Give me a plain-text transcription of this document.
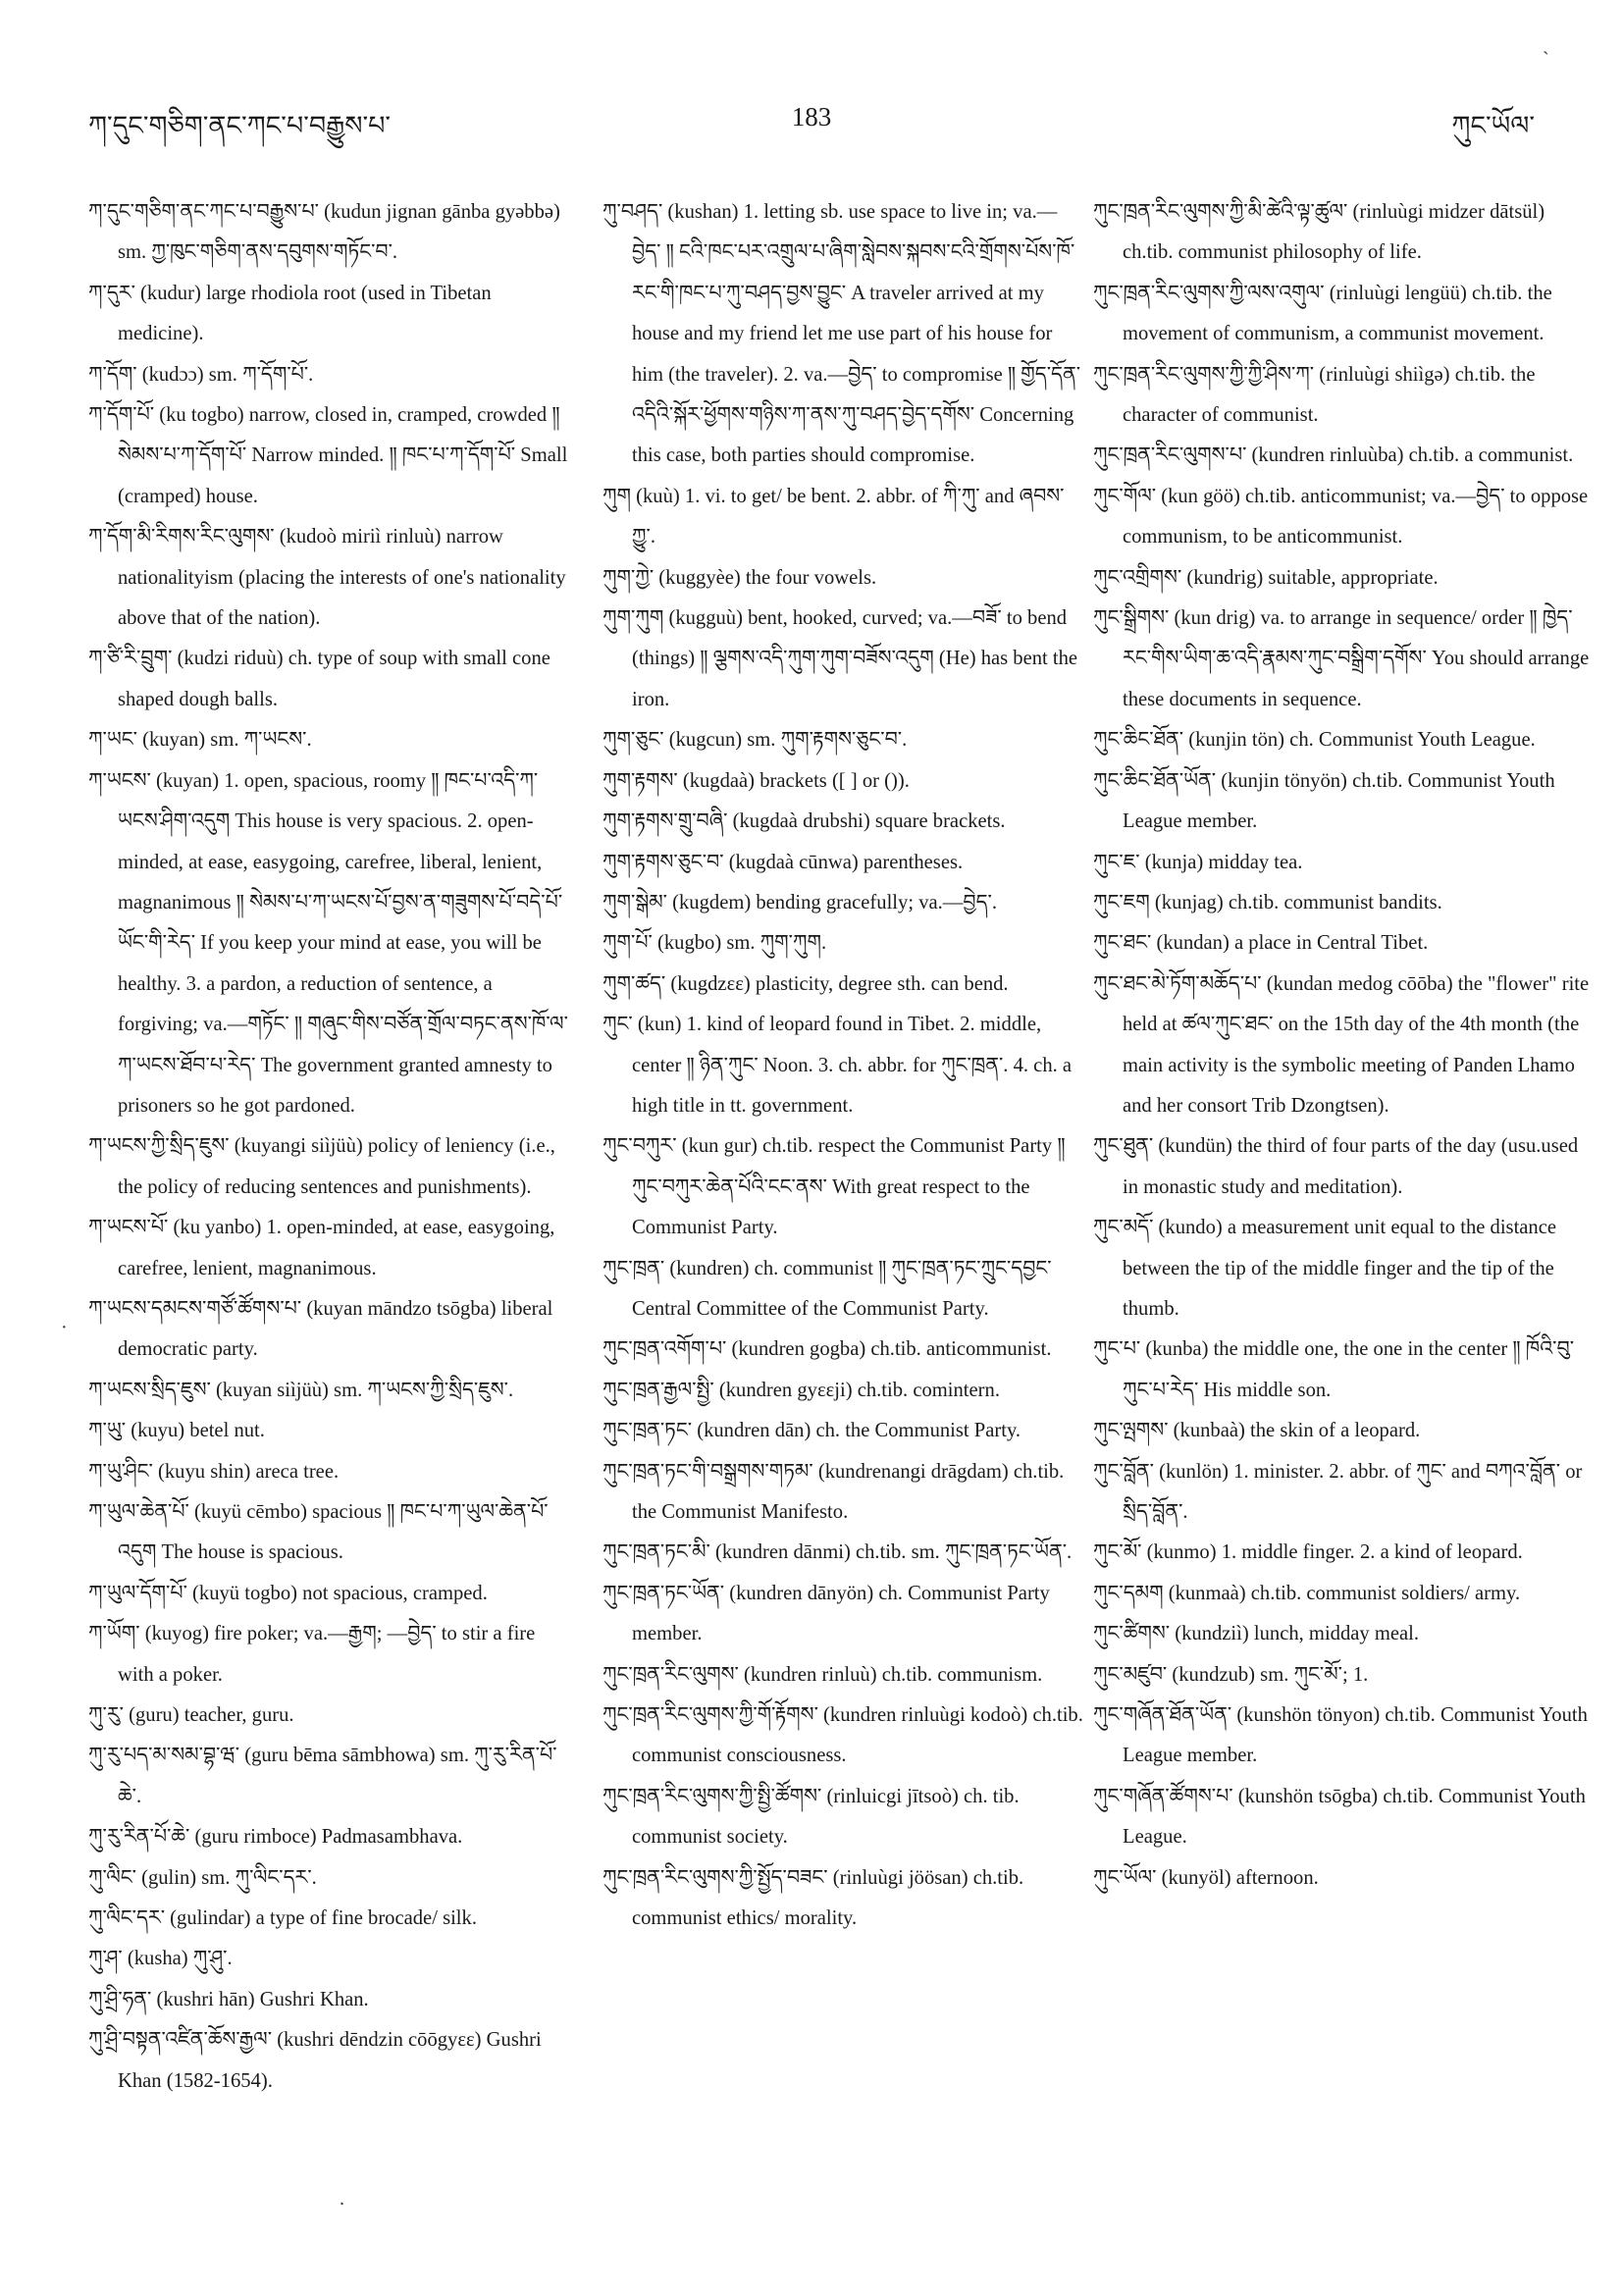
ཀ་དུང་གཅིག་ནང་ཀང་པ་བརྒྱུས་པ་	183	ཀུང་ཡོལ་
ˏ
·
.

ཀ་དུང་གཅིག་ནང་ཀང་པ་བརྒྱུས་པ་ (kudun jignan gānba gyəbbə) sm. ཀྱ་ཁུང་གཅིག་ནས་དབུགས་གཏོང་བ་.

ཀ་དུར་ (kudur) large rhodiola root (used in Tibetan medicine).

ཀ་དོག་ (kudɔɔ) sm. ཀ་དོག་པོ་.

ཀ་དོག་པོ་ (ku togbo) narrow, closed in, cramped, crowded ༎ སེམས་པ་ཀ་དོག་པོ་ Narrow minded. ༎ ཁང་པ་ཀ་དོག་པོ་ Small (cramped) house.

ཀ་དོག་མི་རིགས་རིང་ལུགས་ (kudoò miriì rinluù) narrow nationalityism (placing the interests of one's nationality above that of the nation).

ཀ་ཙི་རི་བྲུག་ (kudzi riduù) ch. type of soup with small cone shaped dough balls.

ཀ་ཡང་ (kuyan) sm. ཀ་ཡངས་.

ཀ་ཡངས་ (kuyan) 1. open, spacious, roomy ༎ ཁང་པ་འདི་ཀ་ཡངས་ཤིག་འདུག This house is very spacious. 2. open-minded, at ease, easygoing, carefree, liberal, lenient, magnanimous ༎ སེམས་པ་ཀ་ཡངས་པོ་བྱས་ན་གཟུགས་པོ་བདེ་པོ་ཡོང་གི་རེད་ If you keep your mind at ease, you will be healthy. 3. a pardon, a reduction of sentence, a forgiving; va.—གཏོང་ ༎ གཞུང་གིས་བཙོན་གྲོལ་བཏང་ནས་ཁོ་ལ་ཀ་ཡངས་ཐོབ་པ་རེད་ The government granted amnesty to prisoners so he got pardoned.

ཀ་ཡངས་ཀྱི་སྲིད་ཇུས་ (kuyangi siìjüù) policy of leniency (i.e., the policy of reducing sentences and punishments).

ཀ་ཡངས་པོ་ (ku yanbo) 1. open-minded, at ease, easygoing, carefree, lenient, magnanimous.

ཀ་ཡངས་དམངས་གཙོ་ཚོགས་པ་ (kuyan māndzo tsōgba) liberal democratic party.

ཀ་ཡངས་སྲིད་ཇུས་ (kuyan siìjüù) sm. ཀ་ཡངས་ཀྱི་སྲིད་ཇུས་.

ཀ་ཡུ་ (kuyu) betel nut.

ཀ་ཡུ་ཤིང་ (kuyu shin) areca tree.

ཀ་ཡུལ་ཆེན་པོ་ (kuyü cēmbo) spacious ༎ ཁང་པ་ཀ་ཡུལ་ཆེན་པོ་འདུག The house is spacious.

ཀ་ཡུལ་དོག་པོ་ (kuyü togbo) not spacious, cramped.

ཀ་ཡོག་ (kuyog) fire poker; va.—རྒྱག; —བྱེད་ to stir a fire with a poker.

ཀུ་རུ་ (guru) teacher, guru.

ཀུ་རུ་པད་མ་སམ་བྷ་ཝ་ (guru bēma sāmbhowa) sm. ཀུ་རུ་རིན་པོ་ཆེ་.

ཀུ་རུ་རིན་པོ་ཆེ་ (guru rimboce) Padmasambhava.

ཀུ་ལིང་ (gulin) sm. ཀུ་ལིང་དར་.

ཀུ་ལིང་དར་ (gulindar) a type of fine brocade/ silk.

ཀུ་ཤ་ (kusha) ཀུ་ཤུ་.

ཀུ་ཤྲི་ཧན་ (kushri hān) Gushri Khan.

ཀུ་ཤྲི་བསྟན་འཛིན་ཆོས་རྒྱལ་ (kushri dēndzin cōōgyɛɛ) Gushri Khan (1582-1654).

ཀུ་བཤད་ (kushan) 1. letting sb. use space to live in; va.—བྱེད་ ༎ ངའི་ཁང་པར་འགྲུལ་པ་ཞིག་སླེབས་སྐབས་ངའི་གྲོགས་པོས་ཁོ་རང་གི་ཁང་པ་ཀུ་བཤད་བྱས་བྱུང་ A traveler arrived at my house and my friend let me use part of his house for him (the traveler). 2. va.—བྱེད་ to compromise ༎ གྱོད་དོན་འདིའི་སྐོར་ཕྱོགས་གཉིས་ཀ་ནས་ཀུ་བཤད་བྱེད་དགོས་ Concerning this case, both parties should compromise.

ཀུག (kuù) 1. vi. to get/ be bent. 2. abbr. of ཀི་ཀུ་ and ཞབས་ཀྱུ་.

ཀུག་ཀྱེ་ (kuggyèe) the four vowels.

ཀུག་ཀུག (kugguù) bent, hooked, curved; va.—བཟོ་ to bend (things) ༎ ལྕགས་འདི་ཀུག་ཀུག་བཟོས་འདུག (He) has bent the iron.

ཀུག་ཅུང་ (kugcun) sm. ཀུག་རྟགས་ཅུང་བ་.

ཀུག་རྟགས་ (kugdaà) brackets ([ ] or ()).

ཀུག་རྟགས་གྲུ་བཞི་ (kugdaà drubshi) square brackets.

ཀུག་རྟགས་ཅུང་བ་ (kugdaà cūnwa) parentheses.

ཀུག་སྒེམ་ (kugdem) bending gracefully; va.—བྱེད་.

ཀུག་པོ་ (kugbo) sm. ཀུག་ཀུག.

ཀུག་ཚད་ (kugdzɛɛ) plasticity, degree sth. can bend.

ཀུང་ (kun) 1. kind of leopard found in Tibet. 2. middle, center ༎ ཉིན་ཀུང་ Noon. 3. ch. abbr. for ཀུང་ཁྲན་. 4. ch. a high title in tt. government.

ཀུང་བཀུར་ (kun gur) ch.tib. respect the Communist Party ༎ ཀུང་བཀུར་ཆེན་པོའི་ངང་ནས་ With great respect to the Communist Party.

ཀུང་ཁྲན་ (kundren) ch. communist ༎ ཀུང་ཁྲན་ཏང་ཀྲུང་དབྱང་ Central Committee of the Communist Party.

ཀུང་ཁྲན་འགོག་པ་ (kundren gogba) ch.tib. anticommunist.

ཀུང་ཁྲན་རྒྱལ་སྤྱི་ (kundren gyɛɛji) ch.tib. comintern.

ཀུང་ཁྲན་ཏང་ (kundren dān) ch. the Communist Party.

ཀུང་ཁྲན་ཏང་གི་བསྒྲགས་གཏམ་ (kundrenangi drāgdam) ch.tib. the Communist Manifesto.

ཀུང་ཁྲན་ཏང་མི་ (kundren dānmi) ch.tib. sm. ཀུང་ཁྲན་ཏང་ཡོན་.

ཀུང་ཁྲན་ཏང་ཡོན་ (kundren dānyön) ch. Communist Party member.

ཀུང་ཁྲན་རིང་ལུགས་ (kundren rinluù) ch.tib. communism.

ཀུང་ཁྲན་རིང་ལུགས་ཀྱི་གོ་རྟོགས་ (kundren rinluùgi kodoò) ch.tib. communist consciousness.

ཀུང་ཁྲན་རིང་ལུགས་ཀྱི་སྤྱི་ཚོགས་ (rinluicgi jītsoò) ch. tib. communist society.

ཀུང་ཁྲན་རིང་ལུགས་ཀྱི་སྤྱོད་བཟང་ (rinluùgi jöösan) ch.tib. communist ethics/ morality.

ཀུང་ཁྲན་རིང་ལུགས་ཀྱི་མི་ཚེའི་ལྟ་ཚུལ་ (rinluùgi midzer dātsül) ch.tib. communist philosophy of life.

ཀུང་ཁྲན་རིང་ལུགས་ཀྱི་ལས་འགུལ་ (rinluùgi lengüü) ch.tib. the movement of communism, a communist movement.

ཀུང་ཁྲན་རིང་ལུགས་ཀྱི་ཀྱི་ཤིས་ཀ་ (rinluùgi shiìgə) ch.tib. the character of communist.

ཀུང་ཁྲན་རིང་ལུགས་པ་ (kundren rinluùba) ch.tib. a communist.

ཀུང་གོལ་ (kun göö) ch.tib. anticommunist; va.—བྱེད་ to oppose communism, to be anticommunist.

ཀུང་འགྲིགས་ (kundrig) suitable, appropriate.

ཀུང་སྒྲིགས་ (kun drig) va. to arrange in sequence/ order ༎ ཁྱེད་རང་གིས་ཡིག་ཆ་འདི་རྣམས་ཀུང་བསྒྲིག་དགོས་ You should arrange these documents in sequence.

ཀུང་ཆིང་ཐོན་ (kunjin tön) ch. Communist Youth League.

ཀུང་ཆིང་ཐོན་ཡོན་ (kunjin tönyön) ch.tib. Communist Youth League member.

ཀུང་ཇ་ (kunja) midday tea.

ཀུང་ཇག (kunjag) ch.tib. communist bandits.

ཀུང་ཐང་ (kundan) a place in Central Tibet.

ཀུང་ཐང་མེ་ཏོག་མཆོད་པ་ (kundan medog cōōba) the "flower" rite held at ཚལ་ཀུང་ཐང་ on the 15th day of the 4th month (the main activity is the symbolic meeting of Panden Lhamo and her consort Trib Dzongtsen).

ཀུང་ཐུན་ (kundün) the third of four parts of the day (usu.used in monastic study and meditation).

ཀུང་མདོ་ (kundo) a measurement unit equal to the distance between the tip of the middle finger and the tip of the thumb.

ཀུང་པ་ (kunba) the middle one, the one in the center ༎ ཁོའི་བུ་ཀུང་པ་རེད་ His middle son.

ཀུང་ལྤགས་ (kunbaà) the skin of a leopard.

ཀུང་བློན་ (kunlön) 1. minister. 2. abbr. of ཀུང་ and བཀའ་བློན་ or སྲིད་བློན་.

ཀུང་མོ་ (kunmo) 1. middle finger. 2. a kind of leopard.

ཀུང་དམག (kunmaà) ch.tib. communist soldiers/ army.

ཀུང་ཚིགས་ (kundziì) lunch, midday meal.

ཀུང་མཛུབ་ (kundzub) sm. ཀུང་མོ་; 1.

ཀུང་གཞོན་ཐོན་ཡོན་ (kunshön tönyon) ch.tib. Communist Youth League member.

ཀུང་གཞོན་ཚོགས་པ་ (kunshön tsōgba) ch.tib. Communist Youth League.

ཀུང་ཡོལ་ (kunyöl) afternoon.
